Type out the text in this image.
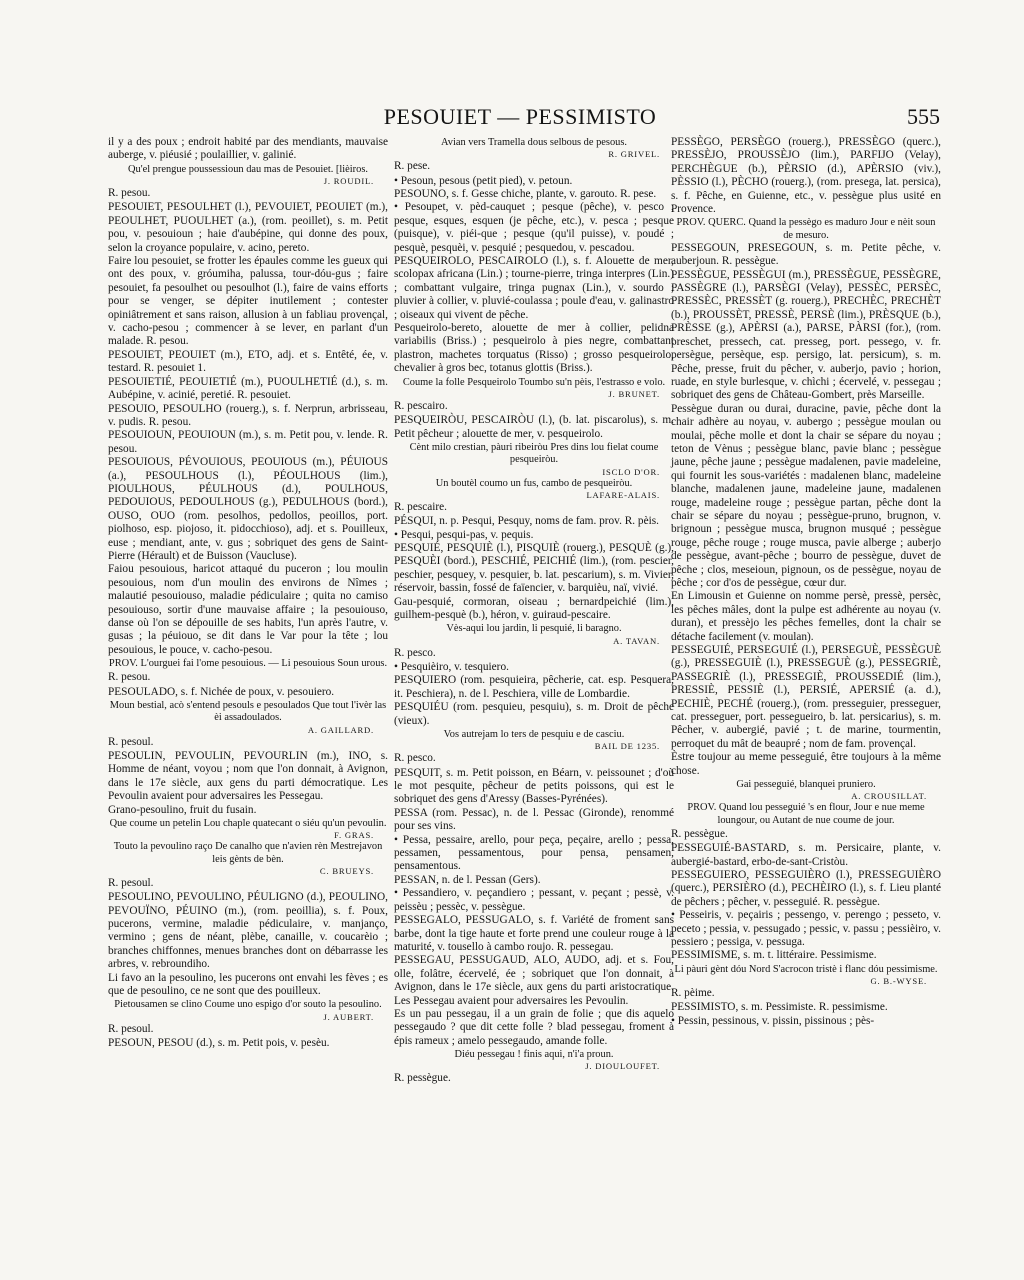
PESOUIET — PESSIMISTO	555

il y a des poux ; endroit habité par des mendiants, mauvaise auberge, v. piéusié ; poulaillier, v. galinié.

Qu'el prengue poussessioun dau mas de Pesouiet. [lièiros.

J. ROUDIL.

R. pesou.

PESOUIET, PESOULHET (l.), PEVOUIET, PEOUIET (m.), PEOULHET, PUOULHET (a.), (rom. peoillet), s. m. Petit pou, v. pesouioun ; haie d'aubépine, qui donne des poux, selon la croyance populaire, v. acino, pereto.

Faire lou pesouiet, se frotter les épaules comme les gueux qui ont des poux, v. gróumiha, palussa, tour-dóu-gus ; faire pesouiet, fa pesoulhet ou pesoulhot (l.), faire de vains efforts pour se venger, se dépiter inutilement ; contester opiniâtrement et sans raison, allusion à un fabliau provençal, v. cacho-pesou ; commencer à se lever, en parlant d'un malade. R. pesou.

PESOUIET, PEOUIET (m.), ETO, adj. et s. Entêté, ée, v. testard. R. pesouiet 1.

PESOUIETIÉ, PEOUIETIÉ (m.), PUOULHETIÉ (d.), s. m. Aubépine, v. acinié, peretié. R. pesouiet.

PESOUIO, PESOULHO (rouerg.), s. f. Nerprun, arbrisseau, v. pudis. R. pesou.

PESOUIOUN, PEOUIOUN (m.), s. m. Petit pou, v. lende. R. pesou.

PESOUIOUS, PÉVOUIOUS, PEOUIOUS (m.), PÉUIOUS (a.), PESOULHOUS (l.), PÉOULHOUS (lim.), PIOULHOUS, PÉULHOUS (d.), POULHOUS, PEDOUIOUS, PEDOULHOUS (g.), PEDULHOUS (bord.), OUSO, OUO (rom. pesolhos, pedollos, peoillos, port. piolhoso, esp. piojoso, it. pidocchioso), adj. et s. Pouilleux, euse ; mendiant, ante, v. gus ; sobriquet des gens de Saint-Pierre (Hérault) et de Buisson (Vaucluse).

Faiou pesouious, haricot attaqué du puceron ; lou moulin pesouious, nom d'un moulin des environs de Nîmes ; malautié pesouiouso, maladie pédiculaire ; quita no camiso pesouiouso, sortir d'une mauvaise affaire ; la pesouiouso, danse où l'on se dépouille de ses habits, l'un après l'autre, v. gusas ; la péuiouo, se dit dans le Var pour la tête ; lou pesouious, le pouce, v. cacho-pesou.

PROV. L'ourguei fai l'ome pesouious. — Li pesouious Soun urous.

R. pesou.

PESOULADO, s. f. Nichée de poux, v. pesouiero.

Moun bestial, acò s'entend pesouls e pesoulados Que tout l'ivèr las èi assadoulados.

A. GAILLARD.

R. pesoul.

PESOULIN, PEVOULIN, PEVOURLIN (m.), INO, s. Homme de néant, voyou ; nom que l'on donnait, à Avignon, dans le 17e siècle, aux gens du parti démocratique. Les Pevoulin avaient pour adversaires les Pessegau.

Grano-pesoulino, fruit du fusain.

Que coume un petelin Lou chaple quatecant o siéu qu'un pevoulin.

F. GRAS.

Touto la pevoulino raço De canalho que n'avien rèn Mestrejavon leis gènts de bèn.

C. BRUEYS.

R. pesoul.

PESOULINO, PEVOULINO, PÉULIGNO (d.), PEOULINO, PEVOUÏNO, PÉUINO (m.), (rom. peoillia), s. f. Poux, pucerons, vermine, maladie pédiculaire, v. manjanço, vermino ; gens de néant, plèbe, canaille, v. coucarèio ; branches chiffonnes, menues branches dont on débarrasse les arbres, v. rebroundiho.

Li favo an la pesoulino, les pucerons ont envahi les fèves ; es que de pesoulino, ce ne sont que des pouilleux.

Pietousamen se clino Coume uno espigo d'or souto la pesoulino.

J. AUBERT.

R. pesoul.

PESOUN, PESOU (d.), s. m. Petit pois, v. pesèu.

Avian vers Tramella dous selbous de pesous.

R. GRIVEL.

R. pese.

• Pesoun, pesous (petit pied), v. petoun.

PESOUNO, s. f. Gesse chiche, plante, v. garouto. R. pese.

• Pesoupet, v. pèd-cauquet ; pesque (pêche), v. pesco ; pesque, esques, esquen (je pêche, etc.), v. pesca ; pesque (puisque), v. piéi-que ; pesque (qu'il puisse), v. poudé ; pesquè, pesquèi, v. pesquié ; pesquedou, v. pescadou.

PESQUEIROLO, PESCAIROLO (l.), s. f. Alouette de mer, scolopax africana (Lin.) ; tourne-pierre, tringa interpres (Lin.) ; combattant vulgaire, tringa pugnax (Lin.), v. sourdo ; pluvier à collier, v. pluvié-coulassa ; poule d'eau, v. galinastro ; oiseaux qui vivent de pêche.

Pesqueirolo-bereto, alouette de mer à collier, pelidna variabilis (Briss.) ; pesqueirolo à pies negre, combattant plastron, machetes torquatus (Risso) ; grosso pesqueirolo, chevalier à gros bec, totanus glottis (Briss.).

Coume la folle Pesqueirolo Toumbo su'n pèis, l'estrasso e volo.

J. BRUNET.

R. pescairo.

PESQUEIRÒU, PESCAIRÒU (l.), (b. lat. piscarolus), s. m. Petit pêcheur ; alouette de mer, v. pesqueirolo.

Cènt milo crestian, pàuri ribeiròu Pres dins lou fielat coume pesqueiròu.

ISCLO D'OR.

Un boutèl coumo un fus, cambo de pesqueiròu.

LAFARE-ALAIS.

R. pescaire.

PÉSQUI, n. p. Pesqui, Pesquy, noms de fam. prov. R. pèis.

• Pesqui, pesqui-pas, v. pequis.

PESQUIÉ, PESQUIÈ (l.), PISQUIÈ (rouerg.), PESQUÈ (g.), PESQUÈI (bord.), PESCHIÉ, PEICHIÉ (lim.), (rom. pescier, peschier, pesquey, v. pesquier, b. lat. pescarium), s. m. Vivier, réservoir, bassin, fossé de faïencier, v. barquièu, naï, vivié.

Gau-pesquié, cormoran, oiseau ; bernardpeichié (lim.), guilhem-pesquè (b.), héron, v. guiraud-pescaire.

Vès-aqui lou jardin, li pesquié, li baragno.

A. TAVAN.

R. pesco.

• Pesquièiro, v. tesquiero.

PESQUIERO (rom. pesquieira, pêcherie, cat. esp. Pesquera, it. Peschiera), n. de l. Peschiera, ville de Lombardie.

PESQUIÉU (rom. pesquieu, pesquiu), s. m. Droit de pêche (vieux).

Vos autrejam lo ters de pesquiu e de casciu.

BAIL DE 1235.

R. pesco.

PESQUIT, s. m. Petit poisson, en Béarn, v. peissounet ; d'où le mot pesquite, pêcheur de petits poissons, qui est le sobriquet des gens d'Aressy (Basses-Pyrénées).

PESSA (rom. Pessac), n. de l. Pessac (Gironde), renommé pour ses vins.

• Pessa, pessaire, arello, pour peça, peçaire, arello ; pessa, pessamen, pessamentous, pour pensa, pensamen, pensamentous.

PESSAN, n. de l. Pessan (Gers).

• Pessandiero, v. peçandiero ; pessant, v. peçant ; pessè, v. peissèu ; pessèc, v. pessègue.

PESSEGALO, PESSUGALO, s. f. Variété de froment sans barbe, dont la tige haute et forte prend une couleur rouge à la maturité, v. tousello à cambo roujo. R. pessegau.

PESSEGAU, PESSUGAUD, ALO, AUDO, adj. et s. Fou, olle, folâtre, écervelé, ée ; sobriquet que l'on donnait, à Avignon, dans le 17e siècle, aux gens du parti aristocratique. Les Pessegau avaient pour adversaires les Pevoulin.

Es un pau pessegau, il a un grain de folie ; que dis aquelo pessegaudo ? que dit cette folle ? blad pessegau, froment à épis rameux ; amelo pessegaudo, amande folle.

Diéu pessegau ! finis aqui, n'i'a proun.

J. DIOULOUFET.

R. pessègue.

PESSÈGO, PERSÈGO (rouerg.), PRESSÈGO (querc.), PRESSÈJO, PROUSSÈJO (lim.), PARFIJO (Velay), PERCHÈGUE (b.), PÈRSIO (d.), APÈRSIO (viv.), PÈSSIO (l.), PÈCHO (rouerg.), (rom. presega, lat. persica), s. f. Pêche, en Guienne, etc., v. pessègue plus usité en Provence.

PROV. QUERC. Quand la pessègo es maduro Jour e nèit soun de mesuro.

PESSEGOUN, PRESEGOUN, s. m. Petite pêche, v. auberjoun. R. pessègue.

PESSÈGUE, PESSÈGUI (m.), PRESSÈGUE, PESSÈGRE, PASSÈGRE (l.), PARSÈGI (Velay), PESSÈC, PERSÈC, PRESSÈC, PRESSÈT (g. rouerg.), PRECHÈC, PRECHÈT (b.), PROUSSÈT, PRESSÈ, PERSÈ (lim.), PRÈSQUE (b.), PRÈSSE (g.), APÈRSI (a.), PARSE, PÀRSI (for.), (rom. preschet, pressech, cat. presseg, port. pessego, v. fr. persègue, persèque, esp. persigo, lat. persicum), s. m. Pêche, presse, fruit du pêcher, v. auberjo, pavio ; horion, ruade, en style burlesque, v. chìchi ; écervelé, v. pessegau ; sobriquet des gens de Château-Gombert, près Marseille.

Pessègue duran ou durai, duracine, pavie, pêche dont la chair adhère au noyau, v. aubergo ; pessègue moulan ou moulai, pêche molle et dont la chair se sépare du noyau ; teton de Vènus ; pessègue blanc, pavie blanc ; pessègue jaune, pêche jaune ; pessègue madalenen, pavie madeleine, qui fournit les sous-variétés : madalenen blanc, madeleine blanche, madalenen jaune, madeleine jaune, madalenen rouge, madeleine rouge ; pessègue partan, pêche dont la chair se sépare du noyau ; pessègue-pruno, brugnon, v. brignoun ; pessègue musca, brugnon musqué ; pessègue rouge, pêche rouge ; rouge musca, pavie alberge ; auberjo de pessègue, avant-pêche ; bourro de pessègue, duvet de pêche ; clos, meseioun, pignoun, os de pessègue, noyau de pêche ; cor d'os de pessègue, cœur dur.

En Limousin et Guienne on nomme persè, pressè, persèc, les pêches mâles, dont la pulpe est adhérente au noyau (v. duran), et pressèjo les pêches femelles, dont la chair se détache facilement (v. moulan).

PESSEGUIÉ, PERSEGUIÉ (l.), PERSEGUÈ, PESSÈGUÈ (g.), PRESSEGUIÈ (l.), PRESSEGUÈ (g.), PESSEGRIÈ, PASSEGRIÈ (l.), PRESSEGIÈ, PROUSSEDIÉ (lim.), PRESSIÈ, PESSIÈ (l.), PERSIÉ, APERSIÉ (a. d.), PECHIÈ, PECHÉ (rouerg.), (rom. presseguier, presseguer, cat. presseguer, port. pessegueiro, b. lat. persicarius), s. m. Pêcher, v. aubergié, pavié ; t. de marine, tourmentin, perroquet du mât de beaupré ; nom de fam. provençal.

Èstre toujour au meme pesseguié, être toujours à la même chose.

Gai pesseguié, blanquei pruniero.

A. CROUSILLAT.

PROV. Quand lou pesseguié 's en flour, Jour e nue meme loungour, ou Autant de nue coume de jour.

R. pessègue.

PESSEGUIÉ-BASTARD, s. m. Persicaire, plante, v. aubergié-bastard, erbo-de-sant-Cristòu.

PESSEGUIERO, PESSEGUIÈRO (l.), PRESSEGUIÈRO (querc.), PERSIÈRO (d.), PECHÈIRO (l.), s. f. Lieu planté de pêchers ; pêcher, v. pesseguié. R. pessègue.

• Pesseiris, v. peçairis ; pessengo, v. perengo ; pesseto, v. peceto ; pessia, v. pessugado ; pessic, v. passu ; pessièiro, v. pessiero ; pessiga, v. pessuga.

PESSIMISME, s. m. t. littéraire. Pessimisme.

Li pàuri gènt dóu Nord S'acrocon tristè i flanc dóu pessimisme.

G. B.-WYSE.

R. pèime.

PESSIMISTO, s. m. Pessimiste. R. pessimisme.

• Pessin, pessinous, v. pissin, pissinous ; pès-
